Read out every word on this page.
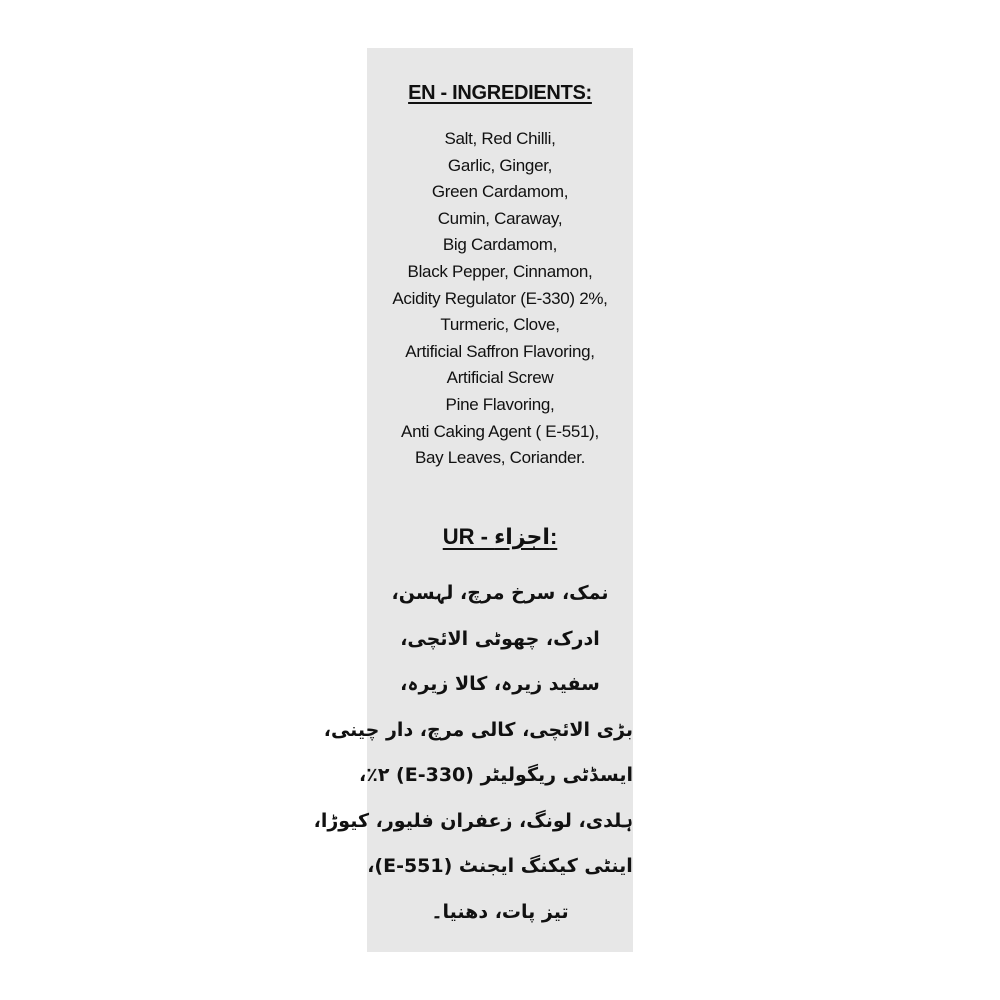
EN - INGREDIENTS:
Salt, Red Chilli,
Garlic, Ginger,
Green Cardamom,
Cumin, Caraway,
Big Cardamom,
Black Pepper, Cinnamon,
Acidity Regulator (E-330) 2%,
Turmeric, Clove,
Artificial Saffron Flavoring,
Artificial Screw
Pine Flavoring,
Anti Caking Agent ( E-551),
Bay Leaves, Coriander.
UR - اجزاء:
نمک، سرخ مرچ، لہسن،
ادرک، چھوٹی الائچی،
سفید زیرہ، کالا زیرہ،
بڑی الائچی، کالی مرچ، دار چینی،
ایسڈٹی ریگولیٹر (E-330) ٢٪،
ہلدی، لونگ، زعفران فلیور، کیوڑا،
اینٹی کیکنگ ایجنٹ (E-551)،
تیز پات، دھنیا۔
